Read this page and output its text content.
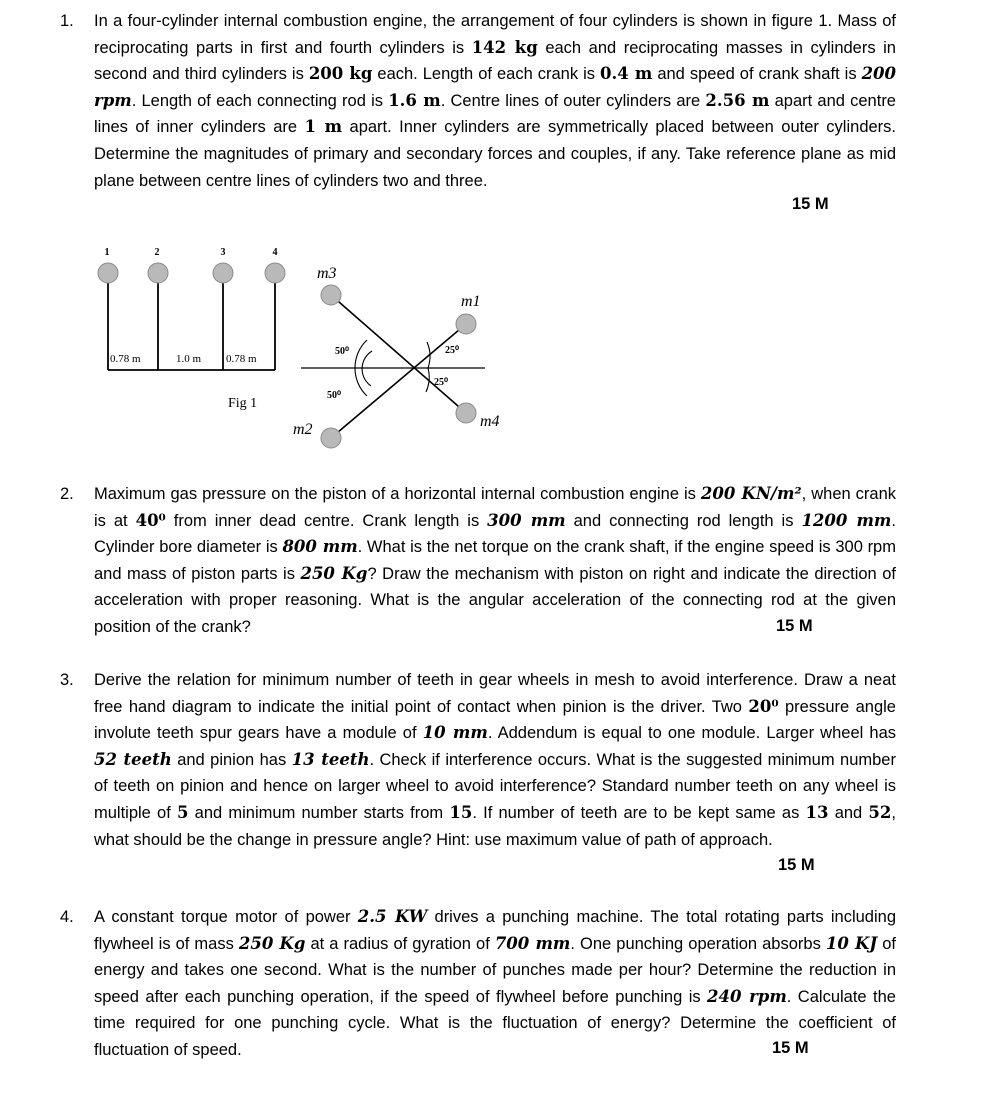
1.	In a four-cylinder internal combustion engine, the arrangement of four cylinders is shown in figure 1. Mass of reciprocating parts in first and fourth cylinders is 142 kg each and reciprocating masses in cylinders in second and third cylinders is 200 kg each. Length of each crank is 0.4 m and speed of crank shaft is 200 rpm. Length of each connecting rod is 1.6 m. Centre lines of outer cylinders are 2.56 m apart and centre lines of inner cylinders are 1 m apart. Inner cylinders are symmetrically placed between outer cylinders. Determine the magnitudes of primary and secondary forces and couples, if any. Take reference plane as mid plane between centre lines of cylinders two and three.
15 M
1	2	3	4
0.78 m	1.0 m 0.78 m
Fig 1
m3
m1
m2	m4
50⁰	25⁰
50⁰
25⁰
2.	Maximum gas pressure on the piston of a horizontal internal combustion engine is 200 KN/m², when crank is at 40⁰ from inner dead centre. Crank length is 300 mm and connecting rod length is 1200 mm. Cylinder bore diameter is 800 mm. What is the net torque on the crank shaft, if the engine speed is 300 rpm and mass of piston parts is 250 Kg? Draw the mechanism with piston on right and indicate the direction of acceleration with proper reasoning. What is the angular acceleration of the connecting rod at the given position of the crank?	15 M
3.	Derive the relation for minimum number of teeth in gear wheels in mesh to avoid interference. Draw a neat free hand diagram to indicate the initial point of contact when pinion is the driver. Two 20⁰ pressure angle involute teeth spur gears have a module of 10 mm. Addendum is equal to one module. Larger wheel has 52 teeth and pinion has 13 teeth. Check if interference occurs. What is the suggested minimum number of teeth on pinion and hence on larger wheel to avoid interference? Standard number teeth on any wheel is multiple of 5 and minimum number starts from 15. If number of teeth are to be kept same as 13 and 52, what should be the change in pressure angle? Hint: use maximum value of path of approach.
15 M
4.	A constant torque motor of power 2.5 KW drives a punching machine. The total rotating parts including flywheel is of mass 250 Kg at a radius of gyration of 700 mm. One punching operation absorbs 10 KJ of energy and takes one second. What is the number of punches made per hour? Determine the reduction in speed after each punching operation, if the speed of flywheel before punching is 240 rpm. Calculate the time required for one punching cycle. What is the fluctuation of energy? Determine the coefficient of fluctuation of speed.	15 M
